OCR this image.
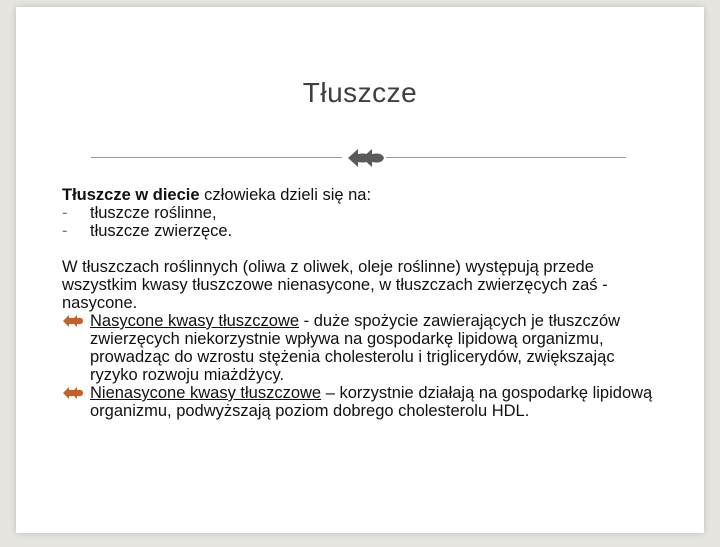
Tłuszcze

Tłuszcze w diecie człowieka dzieli się na:

-	tłuszcze roślinne,
-	tłuszcze zwierzęce.

W tłuszczach roślinnych (oliwa z oliwek, oleje roślinne) występują przede wszystkim kwasy tłuszczowe nienasycone, w tłuszczach zwierzęcych zaś - nasycone.

Nasycone kwasy tłuszczowe - duże spożycie zawierających je tłuszczów zwierzęcych niekorzystnie wpływa na gospodarkę lipidową organizmu, prowadząc do wzrostu stężenia cholesterolu i triglicerydów, zwiększając ryzyko rozwoju miażdżycy.
Nienasycone kwasy tłuszczowe – korzystnie działają na gospodarkę lipidową organizmu, podwyższają poziom dobrego cholesterolu HDL.
